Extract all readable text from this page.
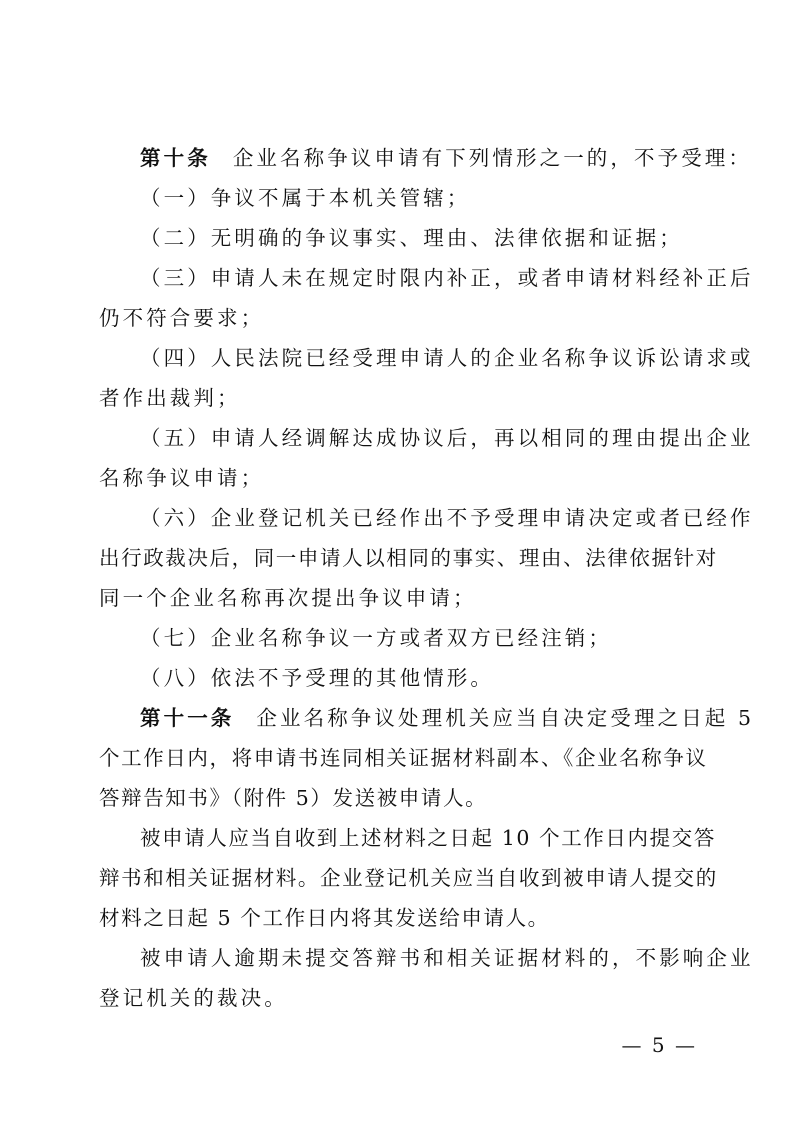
第十条 企业名称争议申请有下列情形之一的，不予受理：
（一）争议不属于本机关管辖；
（二）无明确的争议事实、理由、法律依据和证据；
（三）申请人未在规定时限内补正，或者申请材料经补正后
仍不符合要求；
（四）人民法院已经受理申请人的企业名称争议诉讼请求或
者作出裁判；
（五）申请人经调解达成协议后，再以相同的理由提出企业
名称争议申请；
（六）企业登记机关已经作出不予受理申请决定或者已经作
出行政裁决后，同一申请人以相同的事实、理由、法律依据针对
同一个企业名称再次提出争议申请；
（七）企业名称争议一方或者双方已经注销；
（八）依法不予受理的其他情形。
第十一条 企业名称争议处理机关应当自决定受理之日起 5
个工作日内，将申请书连同相关证据材料副本、《企业名称争议
答辩告知书》（附件 5）发送被申请人。
被申请人应当自收到上述材料之日起 10 个工作日内提交答
辩书和相关证据材料。企业登记机关应当自收到被申请人提交的
材料之日起 5 个工作日内将其发送给申请人。
被申请人逾期未提交答辩书和相关证据材料的，不影响企业
登记机关的裁决。
— 5 —
